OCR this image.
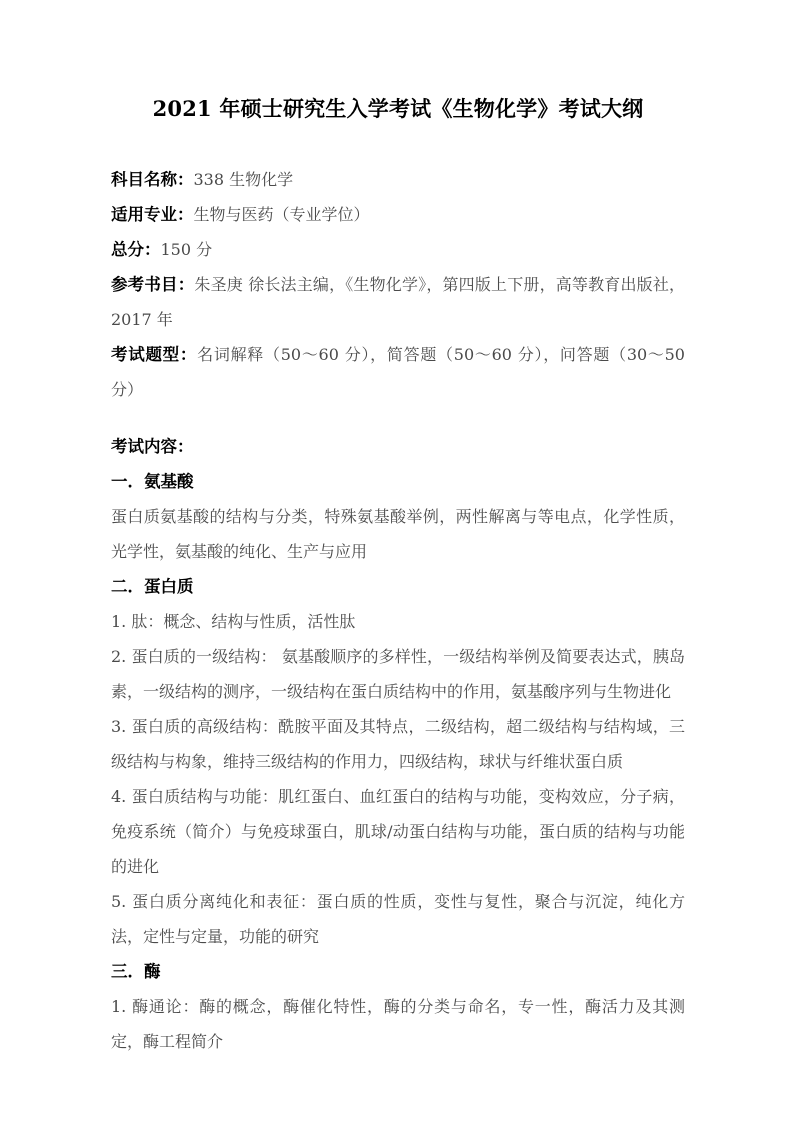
2021 年硕士研究生入学考试《生物化学》考试大纲

科目名称：338 生物化学

适用专业：生物与医药（专业学位）

总分：150 分

参考书目：朱圣庚 徐长法主编，《生物化学》，第四版上下册，高等教育出版社，2017 年

考试题型：名词解释（50～60 分），简答题（50～60 分），问答题（30～50 分）

考试内容：
一．氨基酸

蛋白质氨基酸的结构与分类，特殊氨基酸举例，两性解离与等电点，化学性质，光学性，氨基酸的纯化、生产与应用

二．蛋白质

1. 肽：概念、结构与性质，活性肽

2. 蛋白质的一级结构： 氨基酸顺序的多样性，一级结构举例及简要表达式，胰岛素，一级结构的测序，一级结构在蛋白质结构中的作用，氨基酸序列与生物进化

3. 蛋白质的高级结构：酰胺平面及其特点，二级结构，超二级结构与结构域，三级结构与构象，维持三级结构的作用力，四级结构，球状与纤维状蛋白质

4. 蛋白质结构与功能：肌红蛋白、血红蛋白的结构与功能，变构效应，分子病，免疫系统（简介）与免疫球蛋白，肌球/动蛋白结构与功能，蛋白质的结构与功能的进化

5. 蛋白质分离纯化和表征：蛋白质的性质，变性与复性，聚合与沉淀，纯化方法，定性与定量，功能的研究

三．酶

1. 酶通论：酶的概念，酶催化特性，酶的分类与命名，专一性，酶活力及其测定，酶工程简介
